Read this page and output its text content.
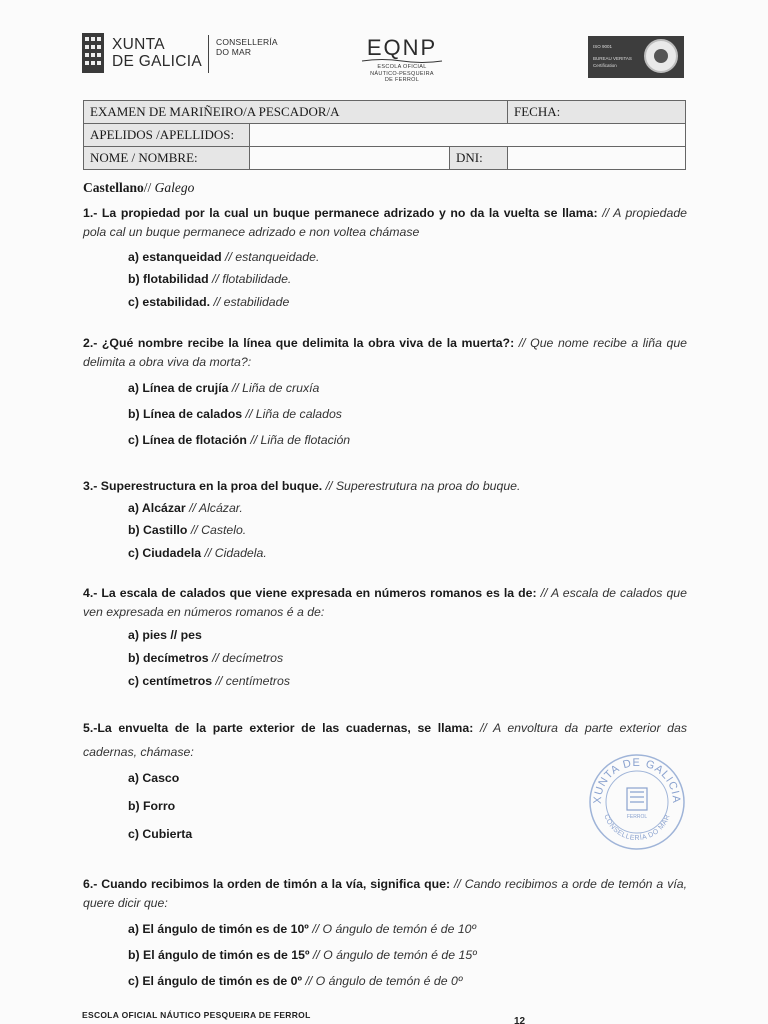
XUNTA
DE GALICIA
CONSELLERÍA
DO MAR	EQNP
ESCOLA OFICIAL
NÁUTICO-PESQUEIRA
DE FERROL
ISO 9001
BUREAU VERITAS
Certification
EXAMEN DE MARIÑEIRO/A PESCADOR/A			FECHA:
APELIDOS /APELLIDOS:			
NOME / NOMBRE:		DNI:	
Castellano// Galego
1.- La propiedad por la cual un buque permanece adrizado y no da la vuelta se llama: // A propiedade pola cal un buque permanece adrizado e non voltea chámase
a) estanqueidad // estanqueidade.
b) flotabilidad // flotabilidade.
c) estabilidad. // estabilidade
2.- ¿Qué nombre recibe la línea que delimita la obra viva de la muerta?: // Que nome recibe a liña que delimita a obra viva da morta?:
a) Línea de crujía // Liña de cruxía
b) Línea de calados // Liña de calados
c) Línea de flotación // Liña de flotación
3.- Superestructura en la proa del buque. // Superestrutura na proa do buque.
a) Alcázar // Alcázar.
b) Castillo // Castelo.
c) Ciudadela // Cidadela.
4.- La escala de calados que viene expresada en números romanos es la de: // A escala de calados que ven expresada en números romanos é a de:
a) pies // pes
b) decímetros // decímetros
c) centímetros // centímetros
5.-La envuelta de la parte exterior de las cuadernas, se llama: // A envoltura da parte exterior das cadernas, chámase:
a) Casco
b) Forro
c) Cubierta
XUNTA DE GALICIA
CONSELLERÍA DO MAR
FERROL
6.- Cuando recibimos la orden de timón a la vía, significa que: // Cando recibimos a orde de temón a vía, quere dicir que:
a) El ángulo de timón es de 10º // O ángulo de temón é de 10º
b) El ángulo de timón es de 15º // O ángulo de temón é de 15º
c) El ángulo de timón es de 0º // O ángulo de temón é de 0º
ESCOLA OFICIAL NÁUTICO PESQUEIRA DE FERROL
12
